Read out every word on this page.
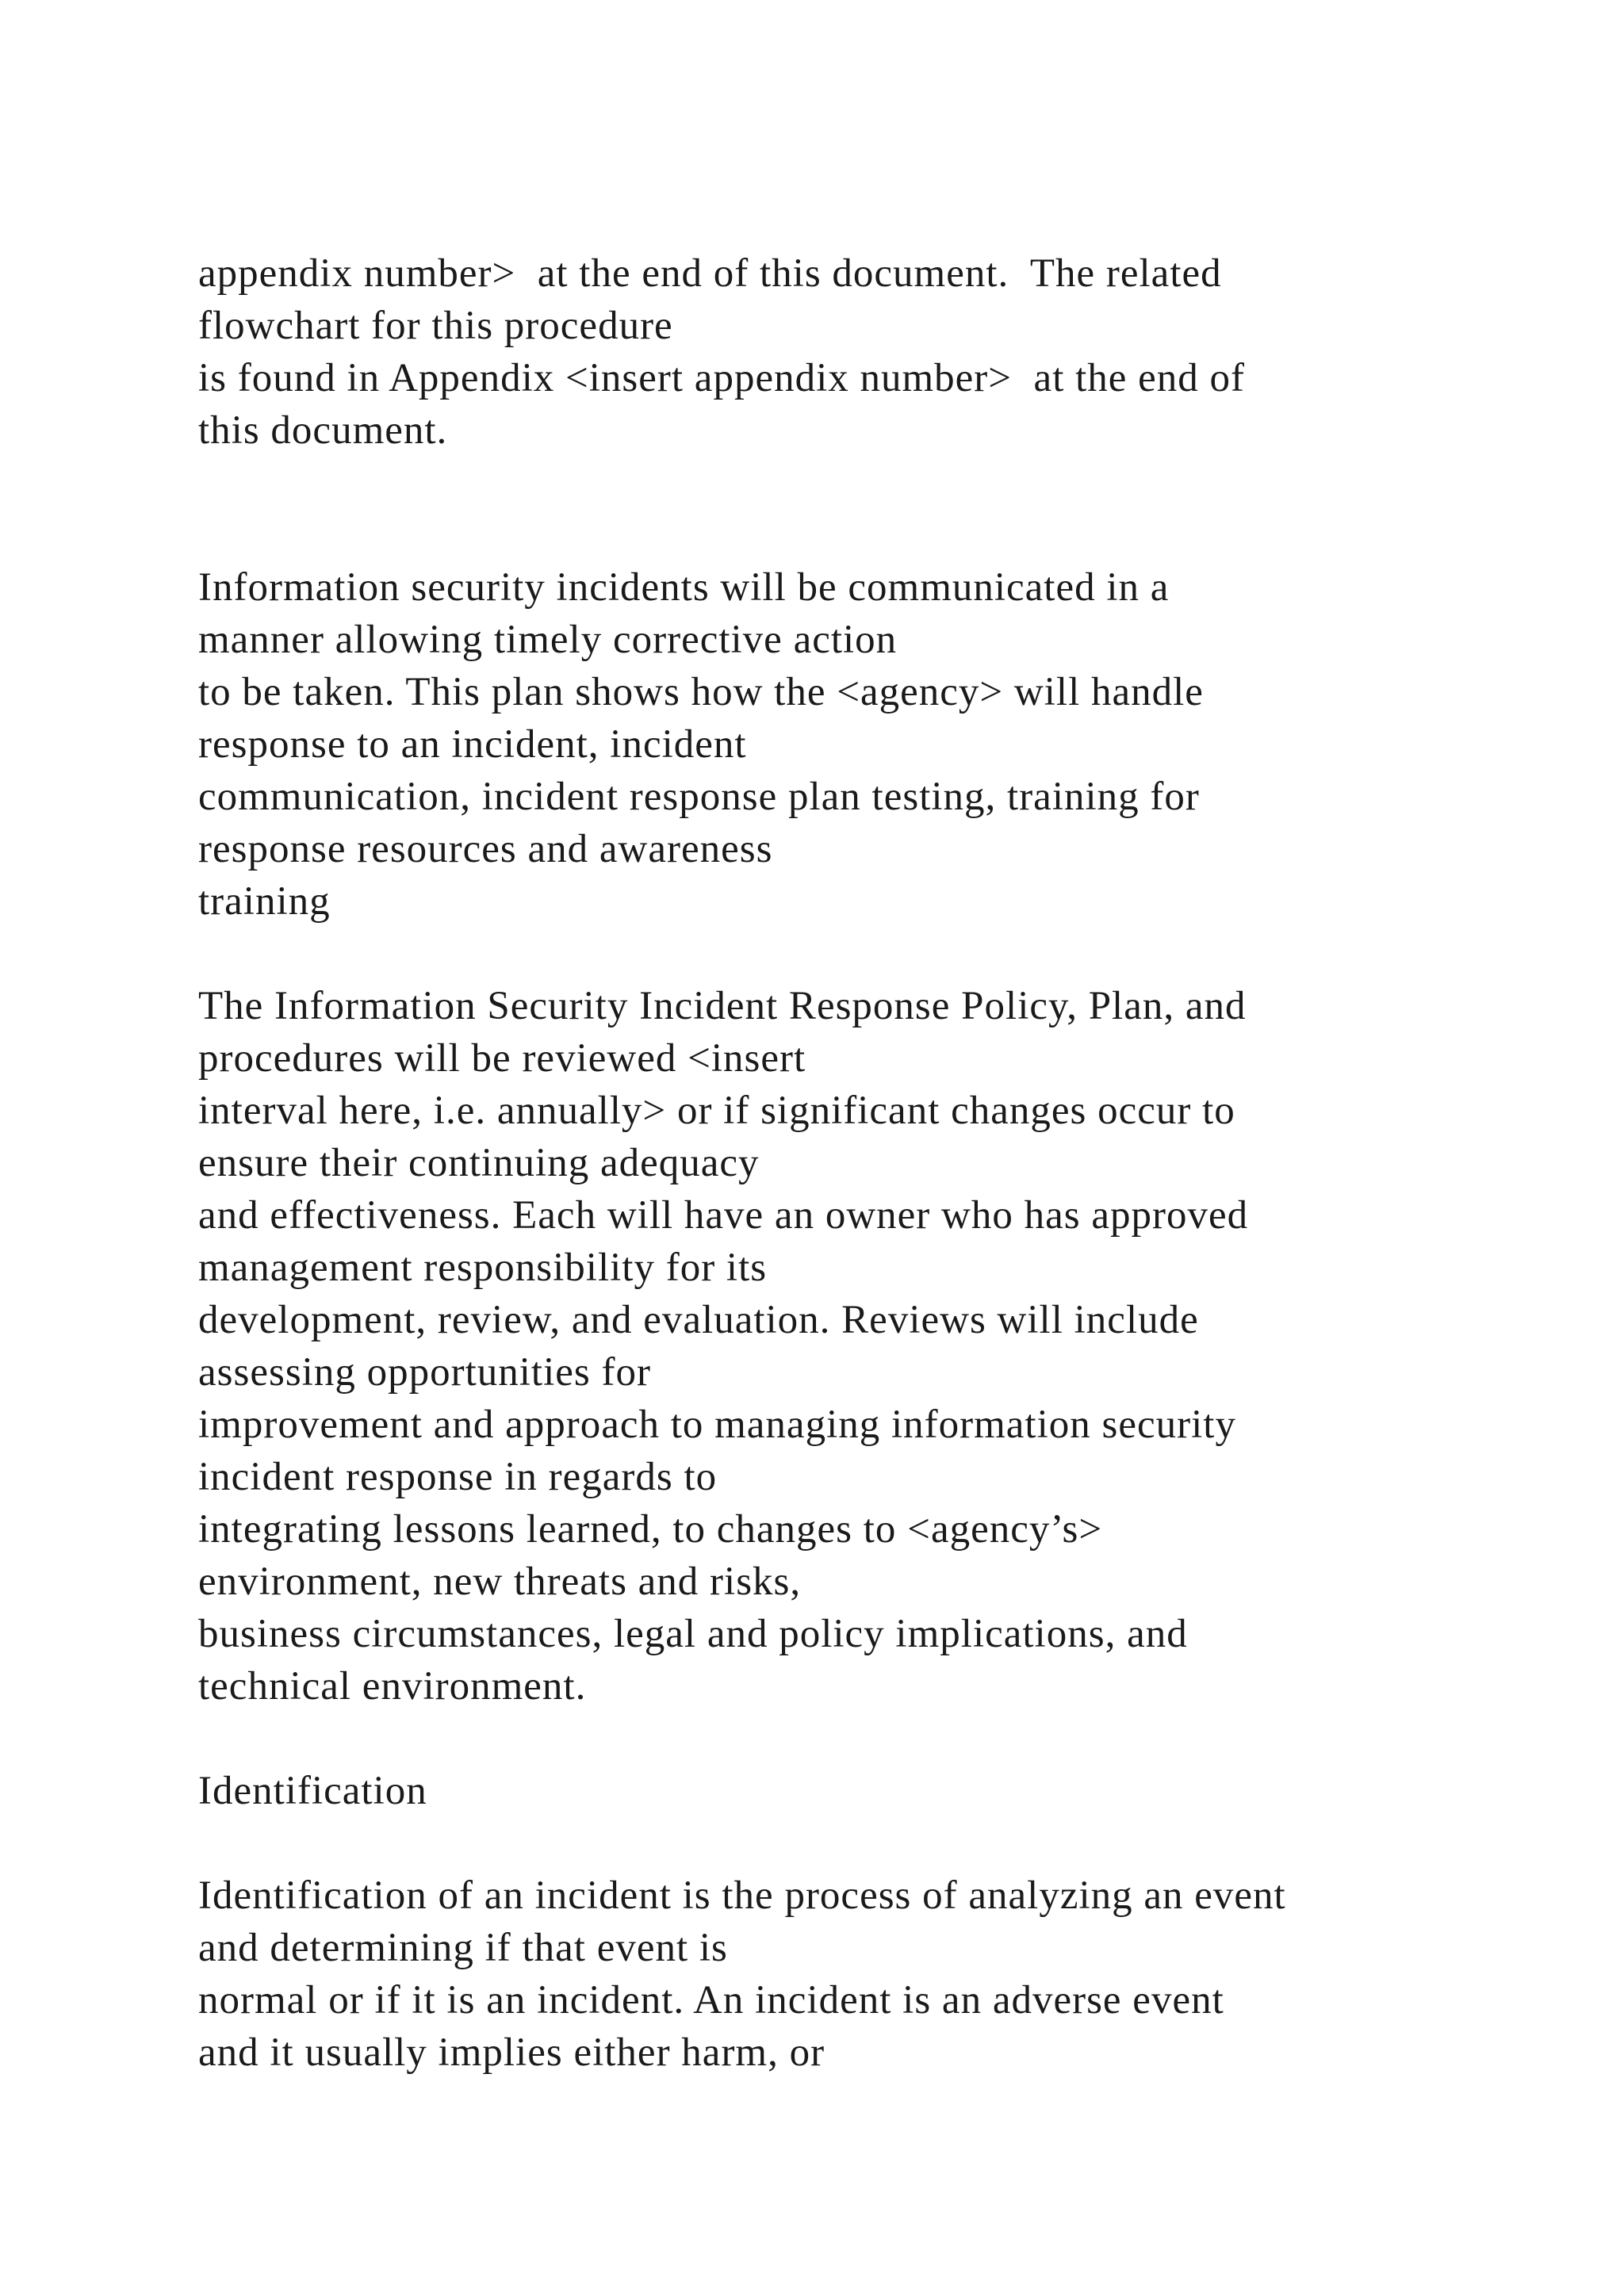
appendix number>  at the end of this document.  The related
flowchart for this procedure
is found in Appendix <insert appendix number>  at the end of
this document.
Information security incidents will be communicated in a
manner allowing timely corrective action
to be taken. This plan shows how the <agency> will handle
response to an incident, incident
communication, incident response plan testing, training for
response resources and awareness
training
The Information Security Incident Response Policy, Plan, and
procedures will be reviewed <insert
interval here, i.e. annually> or if significant changes occur to
ensure their continuing adequacy
and effectiveness. Each will have an owner who has approved
management responsibility for its
development, review, and evaluation. Reviews will include
assessing opportunities for
improvement and approach to managing information security
incident response in regards to
integrating lessons learned, to changes to <agency’s>
environment, new threats and risks,
business circumstances, legal and policy implications, and
technical environment.
Identification
Identification of an incident is the process of analyzing an event
and determining if that event is
normal or if it is an incident. An incident is an adverse event
and it usually implies either harm, or
